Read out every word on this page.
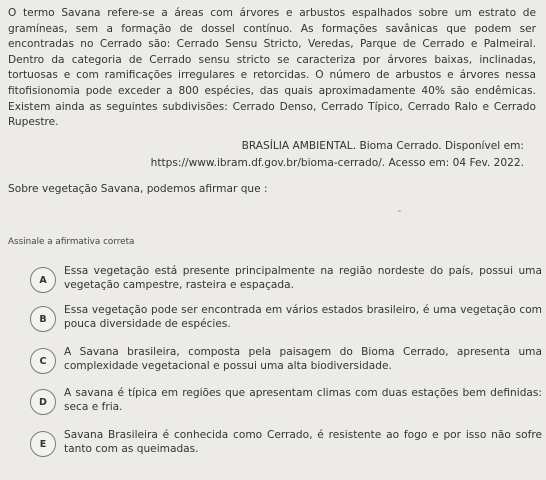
O termo Savana refere-se a áreas com árvores e arbustos espalhados sobre um estrato de gramíneas, sem a formação de dossel contínuo. As formações savânicas que podem ser encontradas no Cerrado são: Cerrado Sensu Stricto, Veredas, Parque de Cerrado e Palmeiral. Dentro da categoria de Cerrado sensu stricto se caracteriza por árvores baixas, inclinadas, tortuosas e com ramificações irregulares e retorcidas. O número de arbustos e árvores nessa fitofisionomia pode exceder a 800 espécies, das quais aproximadamente 40% são endêmicas. Existem ainda as seguintes subdivisões: Cerrado Denso, Cerrado Típico, Cerrado Ralo e Cerrado Rupestre.

BRASÍLIA AMBIENTAL. Bioma Cerrado. Disponível em: https://www.ibram.df.gov.br/bioma-cerrado/. Acesso em: 04 Fev. 2022.

Sobre vegetação Savana, podemos afirmar que :

Assinale a afirmativa correta

A
Essa vegetação está presente principalmente na região nordeste do país, possui uma vegetação campestre, rasteira e espaçada.
B
Essa vegetação pode ser encontrada em vários estados brasileiro, é uma vegetação com pouca diversidade de espécies.
C
A Savana brasileira, composta pela paisagem do Bioma Cerrado, apresenta uma complexidade vegetacional e possui uma alta biodiversidade.
D
A savana é típica em regiões que apresentam climas com duas estações bem definidas: seca e fria.
E
Savana Brasileira é conhecida como Cerrado, é resistente ao fogo e por isso não sofre tanto com as queimadas.
